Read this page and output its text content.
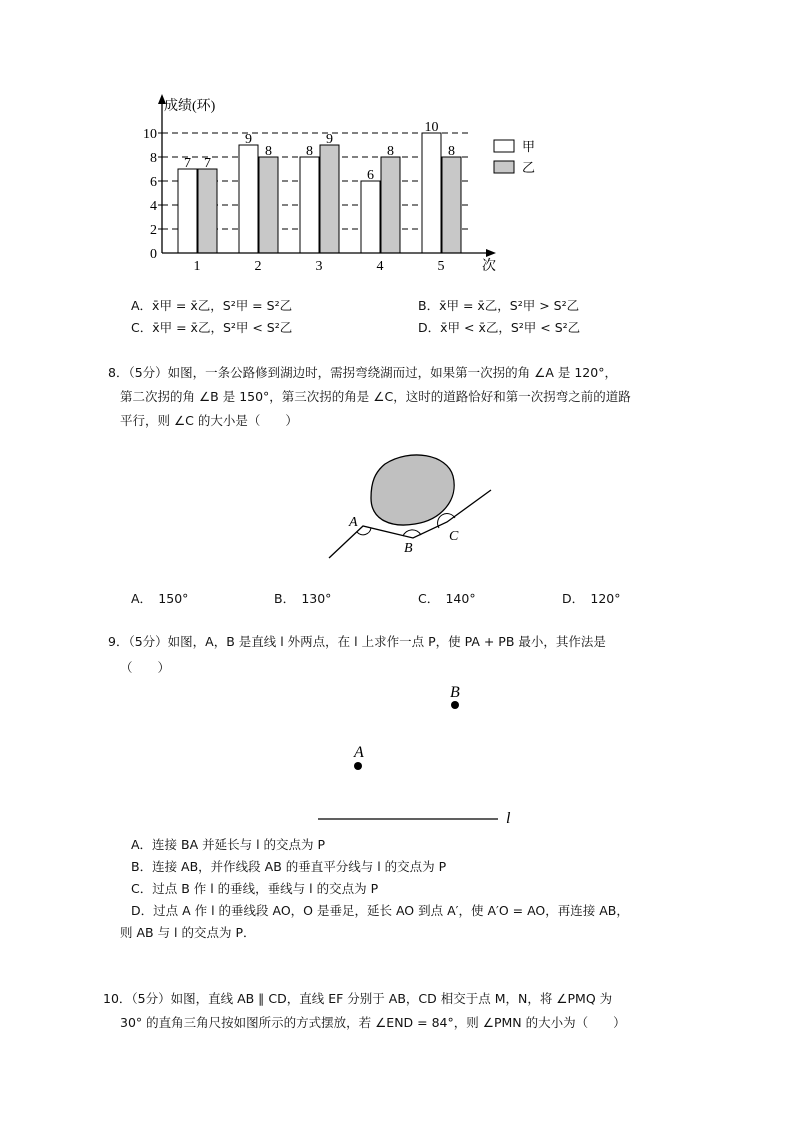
0
2
4
6
8
10
7 7
1
9
8
2
8
9
3
6
8
4
10
8
5
成绩(环)
次
甲
乙
A．x̄甲 = x̄乙，S²甲 = S²乙	B．x̄甲 = x̄乙，S²甲 > S²乙
C．x̄甲 = x̄乙，S²甲 < S²乙	D．x̄甲 < x̄乙，S²甲 < S²乙
8．（5分）如图，一条公路修到湖边时，需拐弯绕湖而过，如果第一次拐的角 ∠A 是 120°，
第二次拐的角 ∠B 是 150°，第三次拐的角是 ∠C，这时的道路恰好和第一次拐弯之前的道路
平行，则 ∠C 的大小是（　　）
A
B
C
A．　150°	B．　130°	C．　140°	D．　120°
9．（5分）如图，A，B 是直线 l 外两点，在 l 上求作一点 P，使 PA + PB 最小，其作法是
（　　）
B
A
l
A．连接 BA 并延长与 l 的交点为 P
B．连接 AB，并作线段 AB 的垂直平分线与 l 的交点为 P
C．过点 B 作 l 的垂线，垂线与 l 的交点为 P
D．过点 A 作 l 的垂线段 AO，O 是垂足，延长 AO 到点 A′，使 A′O = AO，再连接 AB，
则 AB 与 l 的交点为 P．
10．（5分）如图，直线 AB ∥ CD，直线 EF 分别于 AB，CD 相交于点 M，N，将 ∠PMQ 为
30° 的直角三角尺按如图所示的方式摆放，若 ∠END = 84°，则 ∠PMN 的大小为（　　）
